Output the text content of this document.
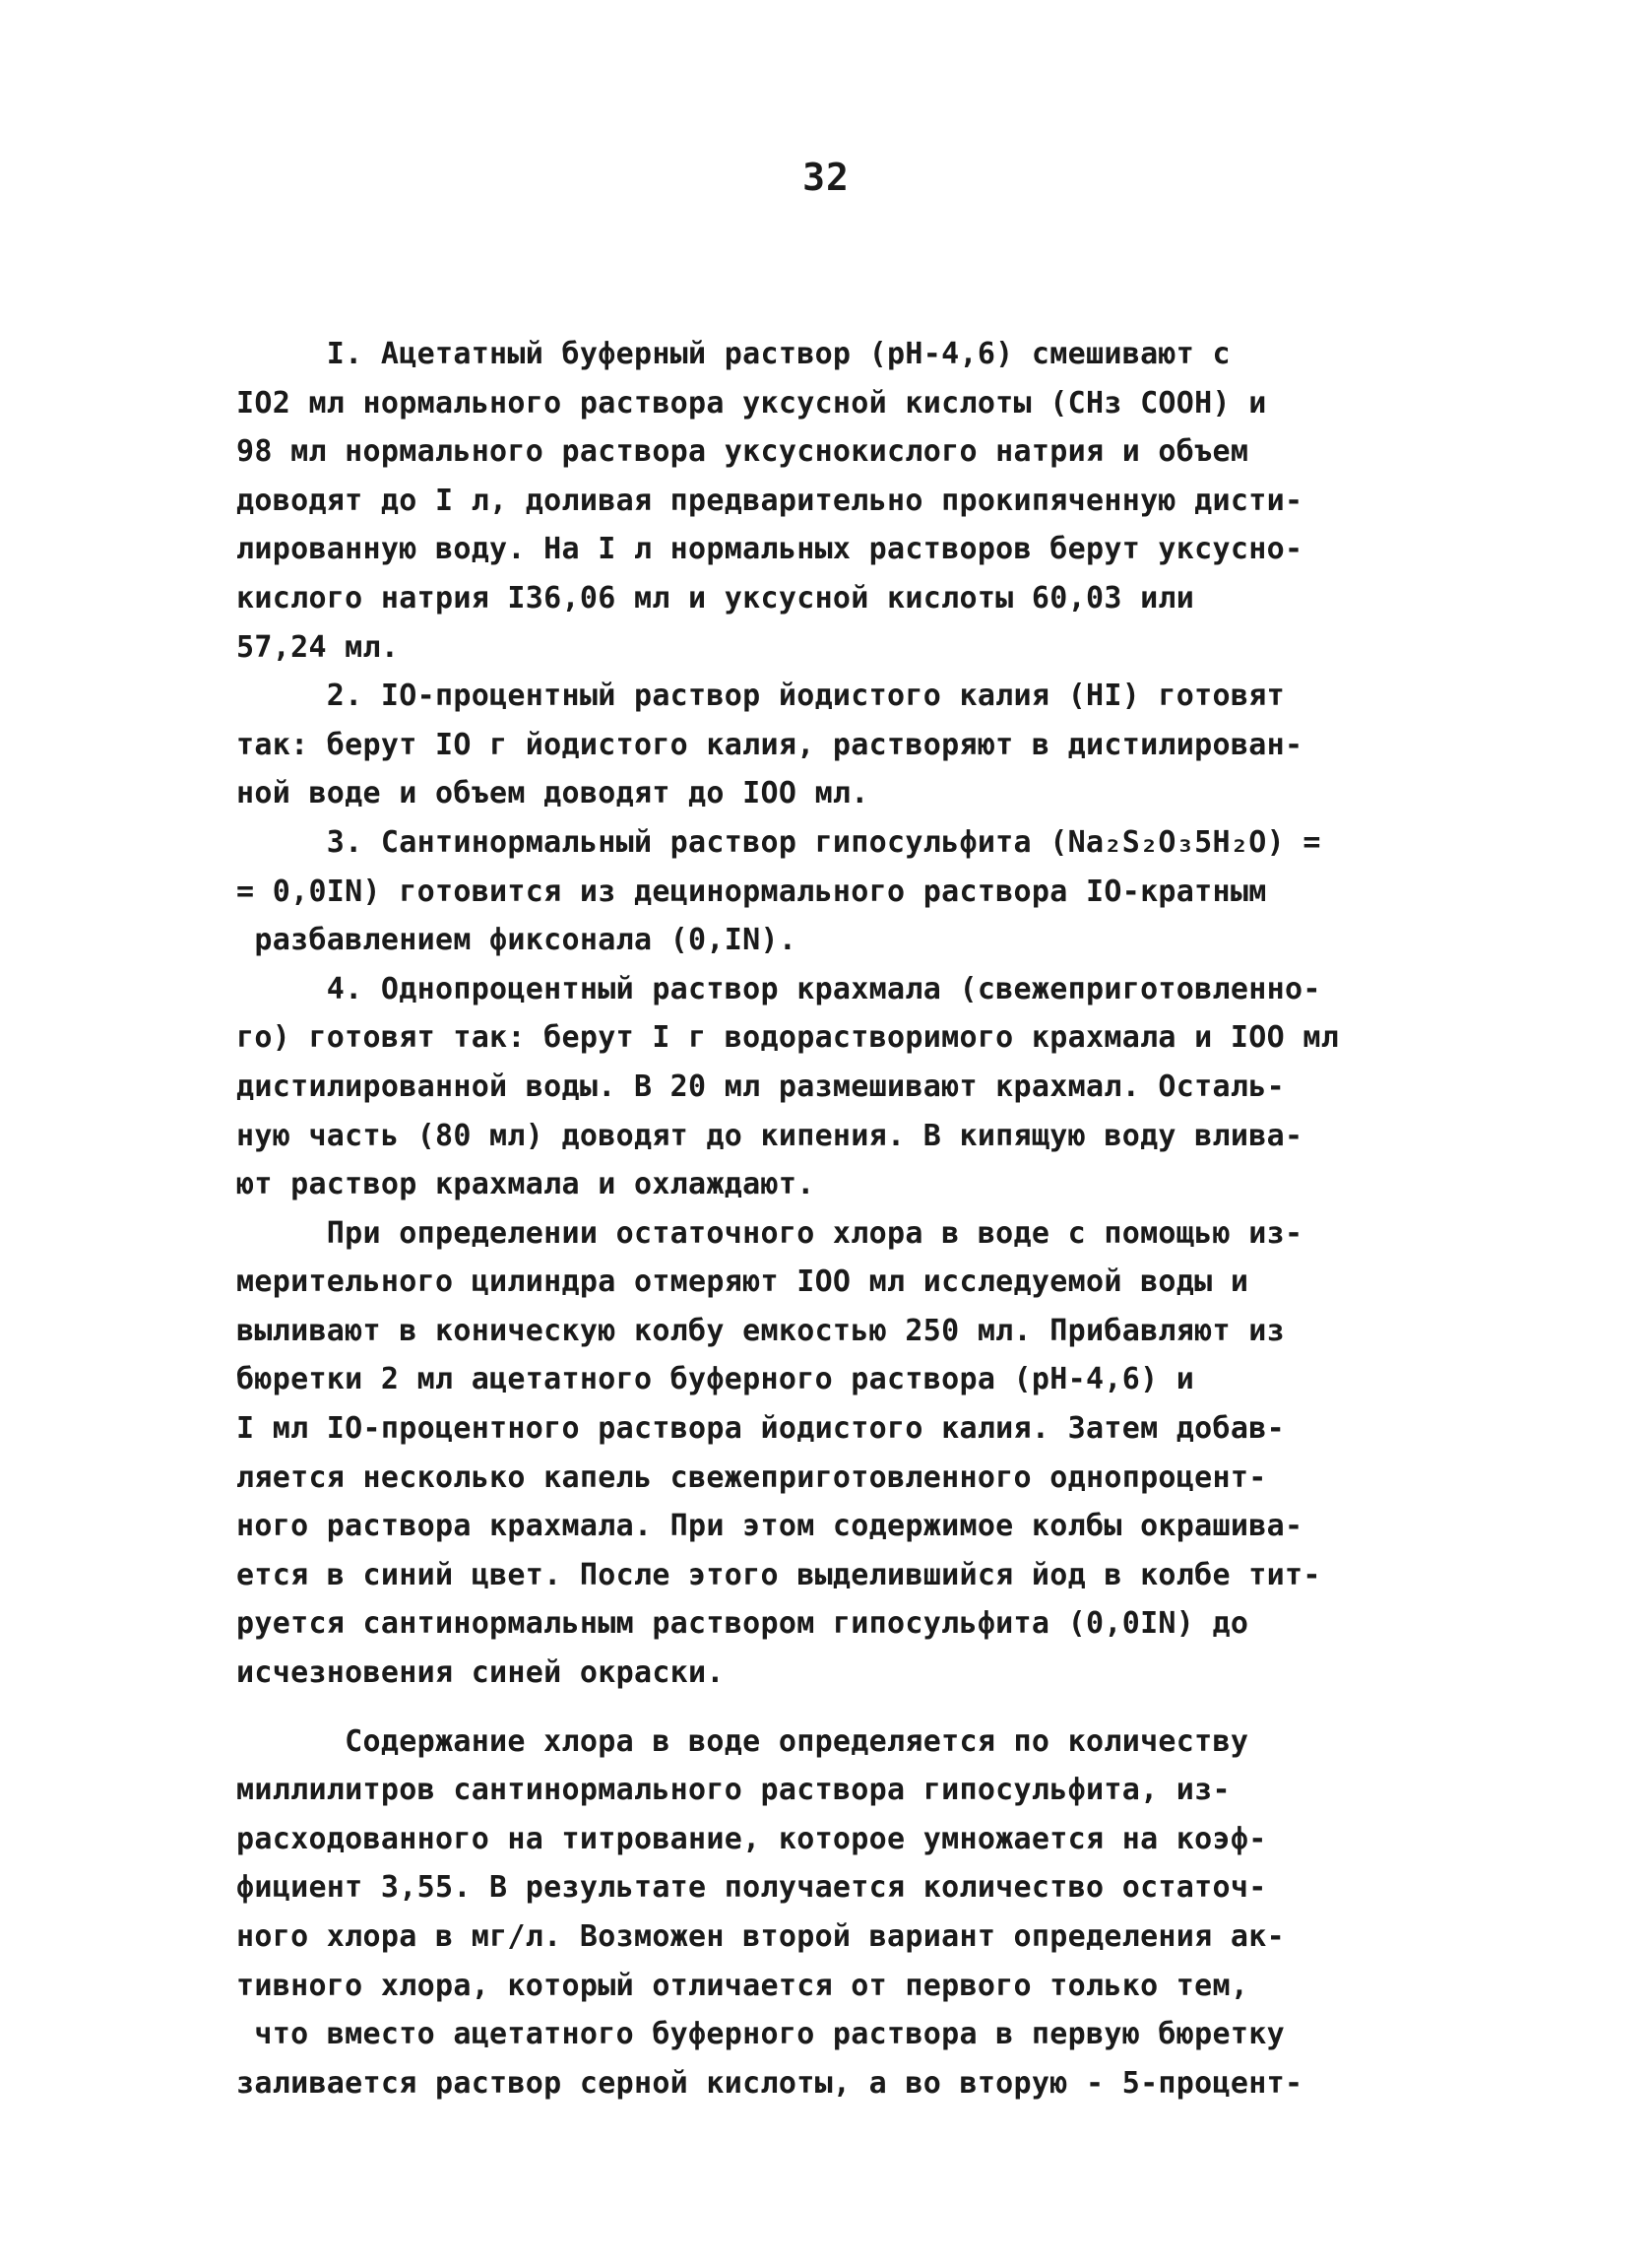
32
I. Ацетатный буферный раствор (рН-4,6) смешивают с
IО2 мл нормального раствора уксусной кислоты (СНз СООН) и
98 мл нормального раствора уксуснокислого натрия и объем
доводят до I л, доливая предварительно прокипяченную дисти-
лированную воду. На I л нормальных растворов берут уксусно-
кислого натрия I36,06 мл и уксусной кислоты 60,03 или
57,24 мл.
2. IО-процентный раствор йодистого калия (HI) готовят
так: берут IО г йодистого калия, растворяют в дистилирован-
ной воде и объем доводят до IОО мл.
3. Сантинормальный раствор гипосульфита (Na₂S₂O₃5H₂O) =
= 0,0IN) готовится из децинормального раствора IО-кратным
разбавлением фиксонала (0,IN).
4. Однопроцентный раствор крахмала (свежеприготовленно-
го) готовят так: берут I г водорастворимого крахмала и IОО мл
дистилированной воды. В 20 мл размешивают крахмал. Осталь-
ную часть (80 мл) доводят до кипения. В кипящую воду влива-
ют раствор крахмала и охлаждают.
При определении остаточного хлора в воде с помощью из-
мерительного цилиндра отмеряют IОО мл исследуемой воды и
выливают в коническую колбу емкостью 250 мл. Прибавляют из
бюретки 2 мл ацетатного буферного раствора (рН-4,6) и
I мл IО-процентного раствора йодистого калия. Затем добав-
ляется несколько капель свежеприготовленного однопроцент-
ного раствора крахмала. При этом содержимое колбы окрашива-
ется в синий цвет. После этого выделившийся йод в колбе тит-
руется сантинормальным раствором гипосульфита (0,0IN) до
исчезновения синей окраски.
Содержание хлора в воде определяется по количеству
миллилитров сантинормального раствора гипосульфита, из-
расходованного на титрование, которое умножается на коэф-
фициент 3,55. В результате получается количество остаточ-
ного хлора в мг/л. Возможен второй вариант определения ак-
тивного хлора, который отличается от первого только тем,
что вместо ацетатного буферного раствора в первую бюретку
заливается раствор серной кислоты, а во вторую - 5-процент-
